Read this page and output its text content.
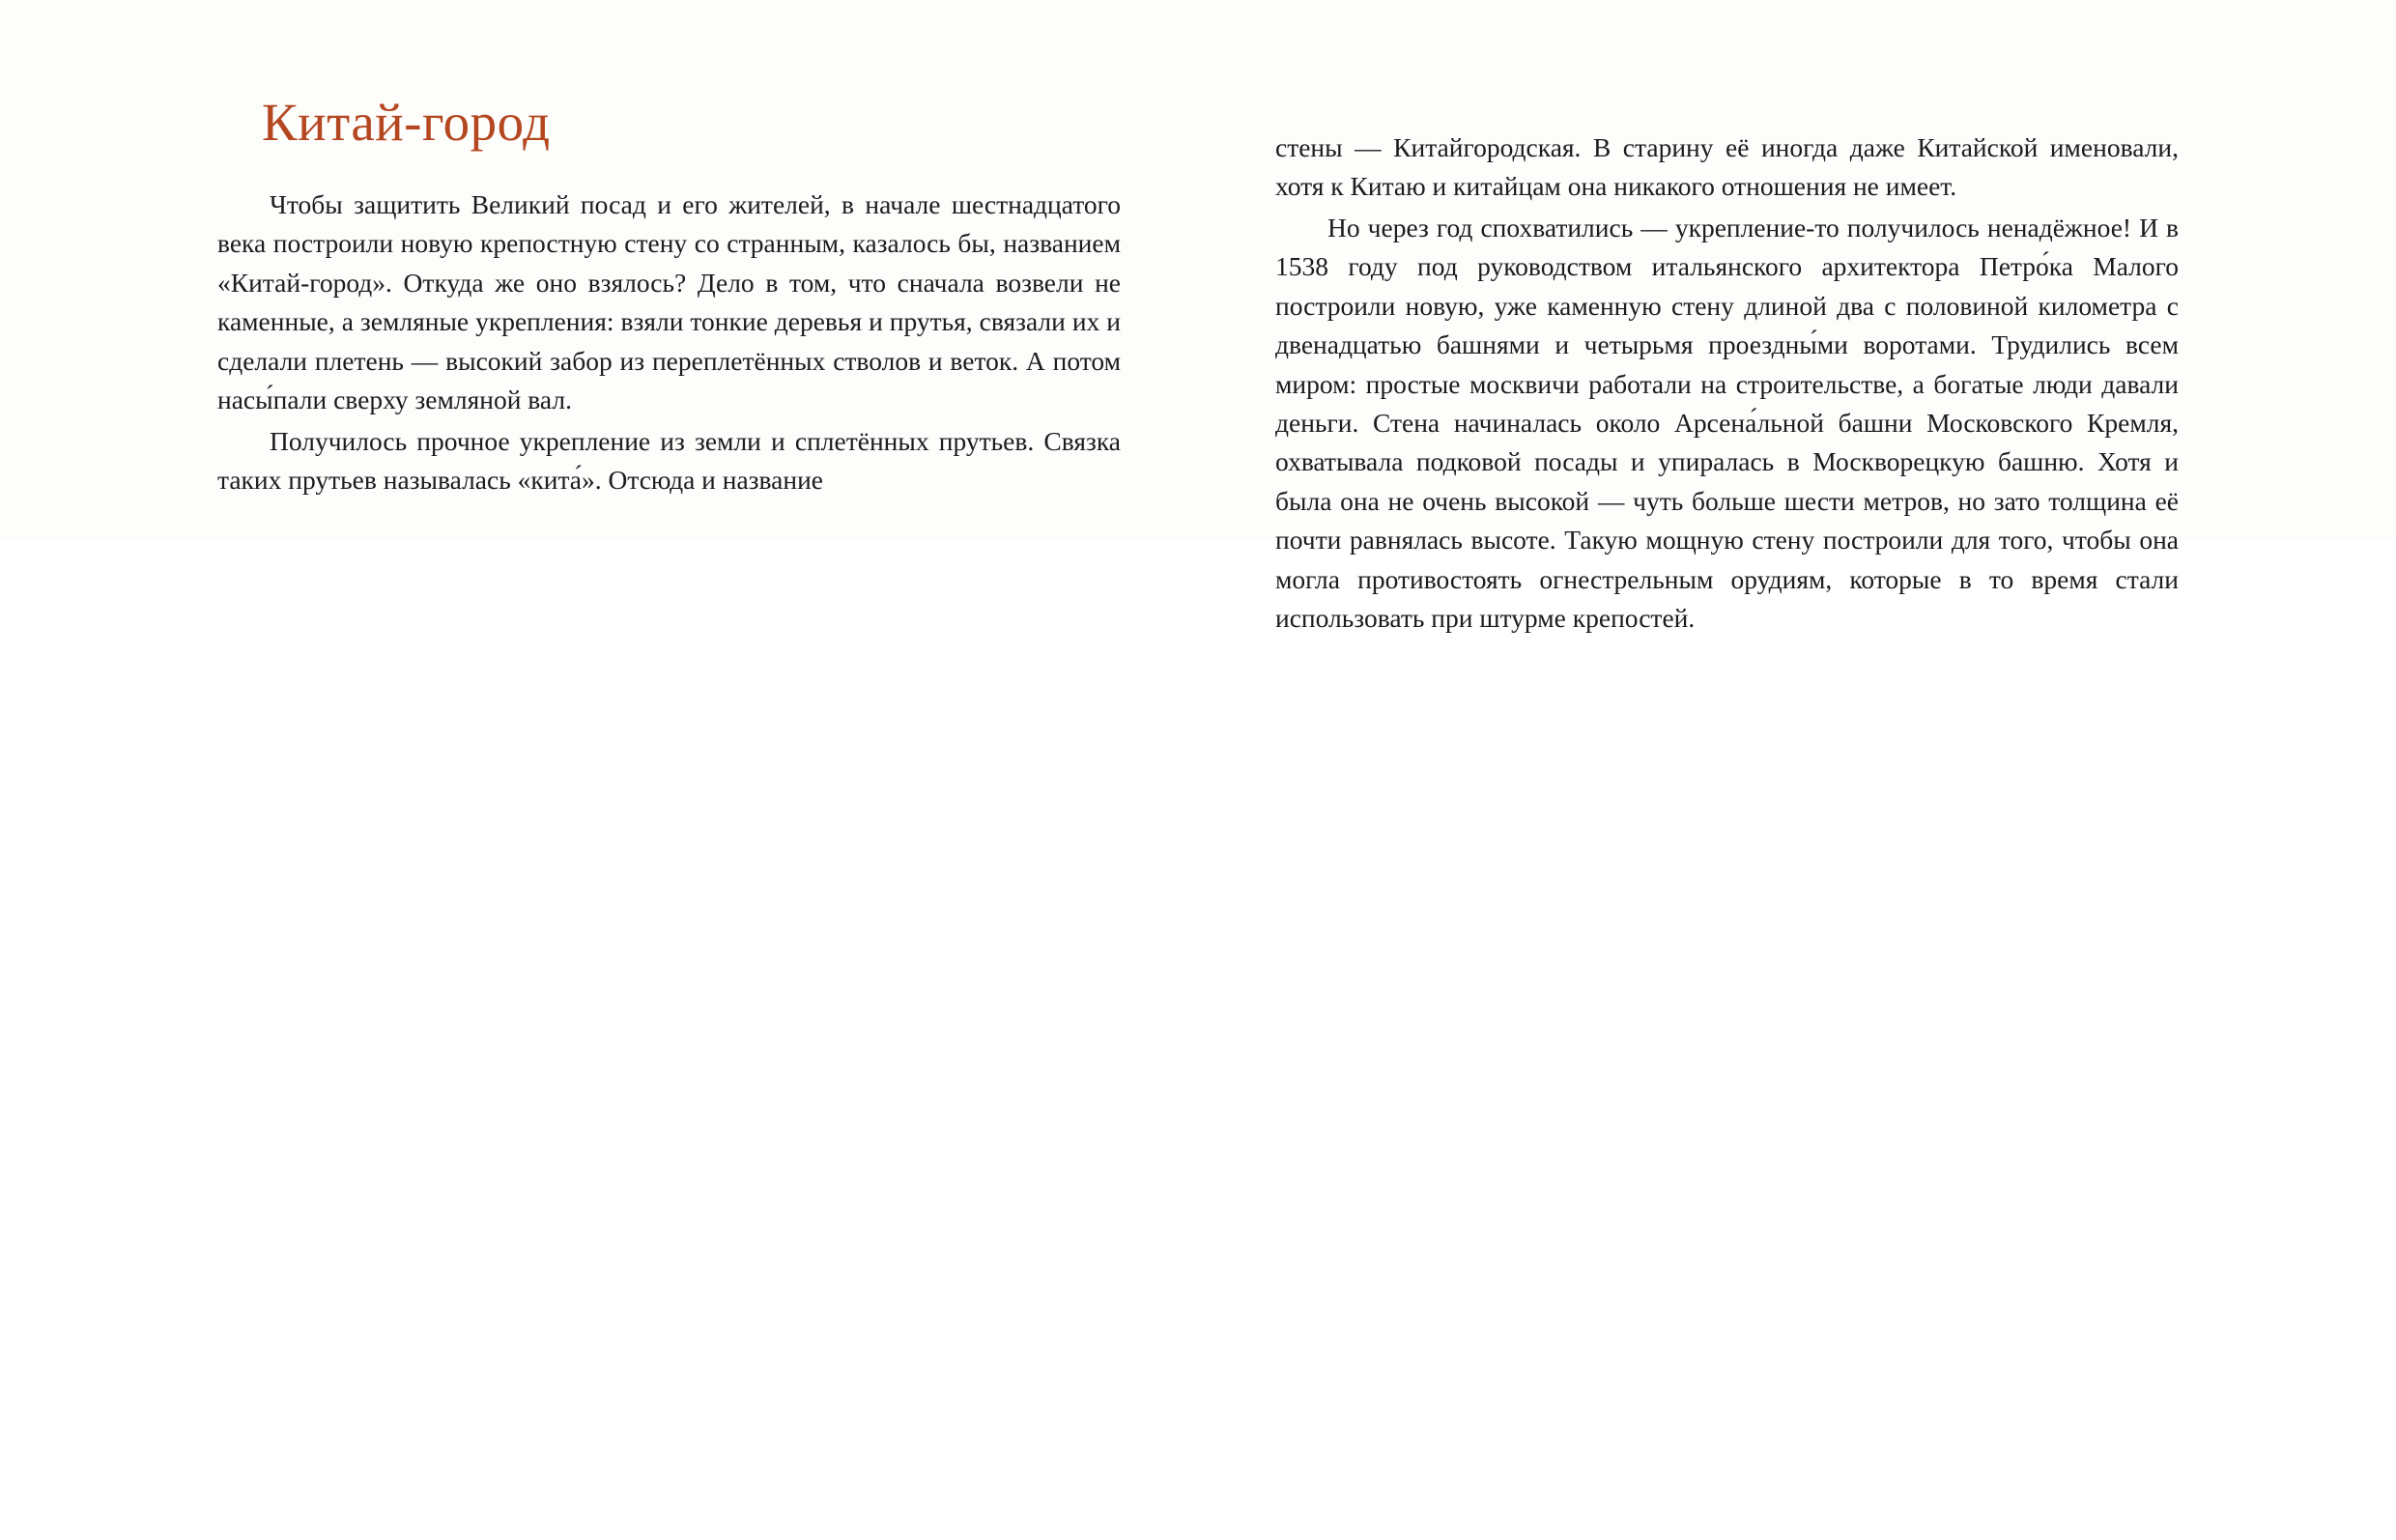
Китай-город

Чтобы защитить Великий посад и его жителей, в начале шестнадцатого века построили новую крепостную стену со странным, казалось бы, названием «Китай-город». Откуда же оно взялось? Дело в том, что сначала возвели не каменные, а земляные укрепления: взяли тонкие деревья и прутья, связали их и сделали плетень — высокий забор из переплетённых стволов и веток. А потом насы́пали сверху земляной вал.

Получилось прочное укрепление из земли и сплетённых прутьев. Связка таких прутьев называлась «кита́». Отсюда и название

стены — Китайгородская. В старину её иногда даже Китайской именовали, хотя к Китаю и китайцам она никакого отношения не имеет.

Но через год спохватились — укрепление-то получилось ненадёжное! И в 1538 году под руководством итальянского архитектора Петро́ка Малого построили новую, уже каменную стену длиной два с половиной километра с двенадцатью башнями и четырьмя проездны́ми воротами. Трудились всем миром: простые москвичи работали на строительстве, а богатые люди давали деньги. Стена начиналась около Арсена́льной башни Московского Кремля, охватывала подковой посады и упиралась в Москворецкую башню. Хотя и была она не очень высокой — чуть больше шести метров, но зато толщина её почти равнялась высоте. Такую мощную стену построили для того, чтобы она могла противостоять огнестрельным орудиям, которые в то время стали использовать при штурме крепостей.
